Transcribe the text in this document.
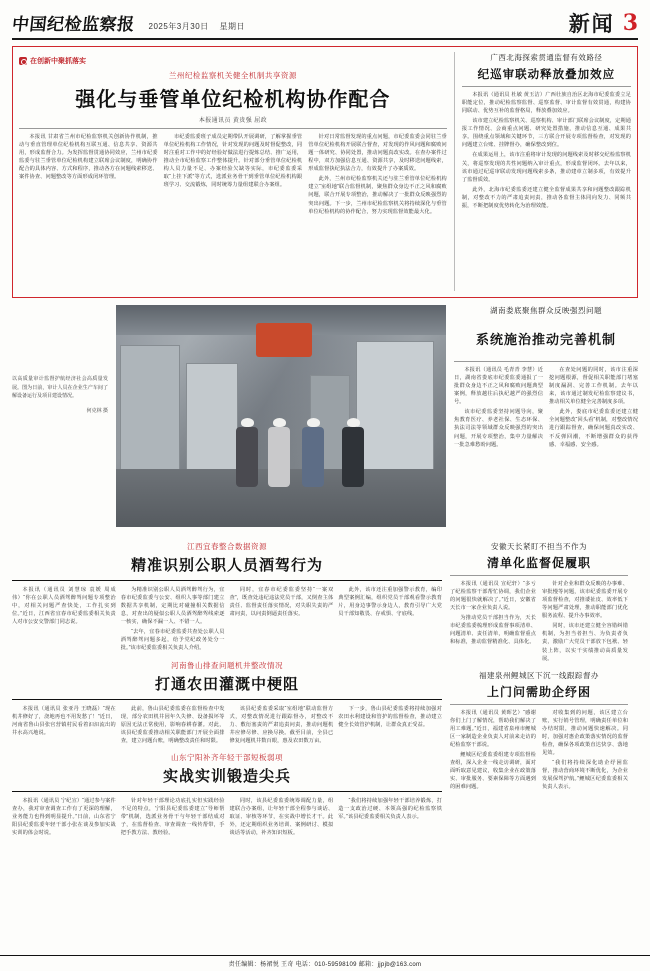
中国纪检监察报 2025年3月30日 星期日	新闻 3
在创新中聚抓落实
兰州纪检监察机关健全机制共享资源
强化与垂管单位纪检机构协作配合
本报通讯员 黄贵强 屈政

本报讯 甘肃省兰州市纪检监察机关创新协作机制，推动与垂直管理单位纪检机构互联互通、信息共享、资源共用，形成监督合力。为发挥监督贯通协同效应，兰州市纪委监委与驻兰垂管单位纪检机构建立联席会议制度，明确协作配合的具体内容、方式和程序，推动各方在问题线索移送、案件协查、问题整改等方面形成闭环管理。

市纪委监委班子成员定期带队开展调研，了解掌握垂管单位纪检机构工作情况，针对发现的问题及时督促整改，同时注重对工作中的好经验好做法进行提炼总结、推广运用，推动全市纪检监察工作整体提升。针对部分垂管单位纪检机构人员力量不足、办案经验欠缺等实际，市纪委监委采取“上挂下派”等方式，选派业务骨干到垂管单位纪检机构跟班学习、交流锻炼，同时统筹力量组建联合办案组。

针对日常监督发现的重点问题，市纪委监委会同驻兰垂管单位纪检机构开展联合督查，对发现的作风问题和腐败问题一体研究、协同处置，推动问题真改实改。在查办案件过程中，双方加强信息互通、资源共享，及时移送问题线索，形成监督执纪执法合力，有效提升了办案质效。

此外，兰州市纪检监察机关还与驻兰垂管单位纪检机构建立“室组地”联合监督机制，聚焦群众身边不正之风和腐败问题，联合开展专项整治，推动解决了一批群众反映强烈的突出问题。下一步，兰州市纪检监察机关将持续深化与垂管单位纪检机构的协作配合，努力实现监督效能最大化。

广西北海探索贯通监督有效路径
纪巡审联动释放叠加效应

本报讯（通讯员 杜敏 黄玉洁）广西壮族自治区北海市纪委监委立足职能定位，推动纪检监察监督、巡察监督、审计监督有效贯通，构建协同联动、优势互补的监督格局，释放叠加效应。

该市建立纪检监察机关、巡察机构、审计部门联席会议制度，定期通报工作情况、会商重点问题、研究处置措施，推动信息互通、成果共享。围绕重点领域和关键环节，三方联合开展专项监督检查，对发现的问题建立台账、挂牌督办，确保整改到位。

在成果运用上，该市注重将审计发现的问题线索及时移交纪检监察机关，将巡察发现的共性问题纳入审计重点，形成监督闭环。去年以来，该市通过纪巡审联动发现问题线索多条，推动建章立制多项，有效提升了监督质效。

此外，北海市纪委监委还建立健全监督成果共享和问题整改跟踪机制，对整改不力的严肃追责问责，推动各监督主体同向发力、同频共振，不断把制度优势转化为治理效能。

以高质量审计监督护航经济社会高质量发展。图为日前，审计人员在企业生产车间了解设备运行及项目建设情况。
何克林 摄
湖南娄底聚焦群众反映强烈问题
系统施治推动完善机制

本报讯（通讯员 毛青青 李慧）近日，湖南省娄底市纪委监委通报了一批群众身边不正之风和腐败问题典型案例，释放越往后执纪越严的强烈信号。

该市纪委监委坚持问题导向，聚焦教育医疗、养老社保、生态环保、执法司法等领域群众反映强烈的突出问题，开展专项整治，集中力量解决一批急难愁盼问题。

在查处问题的同时，该市注重深挖问题根源，督促相关职能部门堵塞制度漏洞、完善工作机制。去年以来，该市通过制发纪检监察建议书，推动相关单位健全完善制度多项。

此外，娄底市纪委监委还建立健全问题整改“回头看”机制，对整改情况进行跟踪督查，确保问题真改实改、不反弹回潮，不断增强群众的获得感、幸福感、安全感。

江西宜春整合数据资源
精准识别公职人员酒驾行为

本报讯（通讯员 刘慧琼 袁媛 周成伟）“你在公职人员酒驾醉驾问题专项整治中，对相关问题严查快处，工作扎实到位。”近日，江西省宜春市纪委监委相关负责人对市公安交警部门同志说。

为精准识别公职人员酒驾醉驾行为，宜春市纪委监委与公安、组织人事等部门建立数据共享机制，定期比对碰撞相关数据信息，对查出的疑似公职人员酒驾醉驾线索逐一核实，确保不漏一人、不错一人。

“去年，宜春市纪委监委共查处公职人员酒驾醉驾问题多起，给予党纪政务处分一批。”该市纪委监委相关负责人介绍。

同时，宜春市纪委监委坚持“一案双查”，既查处违纪违法党员干部，又倒查主体责任、监督责任落实情况，对失职失责的严肃问责，以问责倒逼责任落实。

此外，该市还注重加强警示教育，编印典型案例汇编，组织党员干部观看警示教育片，用身边事警示身边人，教育引导广大党员干部知敬畏、存戒惧、守底线。

河南鲁山排查问题机井整改情况
打通农田灌溉中梗阻

本报讯（通讯员 张亚丹 王晓磊）“现在机井修好了，浇地再也不用发愁了！”近日，河南省鲁山县张官营镇村民看着汩汩流出的井水高兴地说。

此前，鲁山县纪委监委在监督检查中发现，部分农田机井因年久失修、设备损坏等原因无法正常使用，影响春耕春灌。对此，该县纪委监委推动相关职能部门开展全面排查，建立问题台账，明确整改责任和时限。

该县纪委监委采取“室组地”联动监督方式，对整改情况进行跟踪督办，对整改不力、敷衍塞责的严肃追责问责，推动问题机井应修尽修、应换尽换。截至目前，全县已修复问题机井数百眼，惠及农田数万亩。

下一步，鲁山县纪委监委将持续加强对农田水利建设和管护的监督检查，推动建立健全长效管护机制，让群众真正受益。

山东宁阳补齐年轻干部短板弱项
实战实训锻造尖兵

本报讯（通讯员 宁纪宣）“通过参与案件查办，我对审查调查工作有了更深的理解，业务能力也得到明显提升。”日前，山东省宁阳县纪委监委年轻干部小张在谈及参加实战实训的体会时说。

针对年轻干部理论功底扎实但实践经验不足的特点，宁阳县纪委监委建立“导师帮带”机制，选派业务骨干与年轻干部结成对子，在监督检查、审查调查一线传帮带，手把手教方法、教经验。

同时，该县纪委监委统筹调配力量，组建联合办案组，让年轻干部全程参与谈话、取证、审核等环节，在实战中增长才干。此外，还定期组织业务培训、案例研讨、模拟谈话等活动，补齐知识短板。

“我们将持续加强年轻干部培养锻炼，打造一支政治过硬、本领高强的纪检监察铁军。”该县纪委监委相关负责人表示。

安徽天长紧盯不担当不作为
清单化监督促履职

本报讯（通讯员 宣纪轩）“多亏了纪检监察干部帮忙协调，我们企业的问题很快就解决了。”近日，安徽省天长市一家企业负责人说。

为推动党员干部担当作为，天长市纪委监委梳理形成监督事项清单、问题清单、责任清单，明确监督重点和标准，推动监督精准化、具体化。

针对企业和群众反映的办事难、审批慢等问题，该市纪委监委开展专项监督检查，对推诿扯皮、效率低下等问题严肃处理，推动职能部门优化服务流程、提升办事效率。

同时，该市还建立健全容错纠错机制，为担当者担当、为负责者负责，激励广大党员干部放下包袱、轻装上阵，以实干实绩推动高质量发展。

福建泉州鲤城区下沉一线跟踪督办
上门问需助企纾困

本报讯（通讯员 黄晖艺）“感谢你们上门了解情况，帮助我们解决了用工难题。”近日，福建省泉州市鲤城区一家制造企业负责人对前来走访的纪检监察干部说。

鲤城区纪委监委组建专项监督检查组，深入企业一线走访调研，面对面听取意见建议，收集企业在政策落实、审批服务、要素保障等方面遇到的困难问题。

对收集到的问题，该区建立台账，实行销号管理，明确责任单位和办结时限，推动问题快速解决。同时，加强对惠企政策落实情况的监督检查，确保各项政策直达快享、落地见效。

“我们将持续深化助企纾困监督，推动营商环境不断优化，为企业发展保驾护航。”鲤城区纪委监委相关负责人表示。

责任编辑：杨裙悦 王奇 电话：010-59598109 邮箱：jjpjb@163.com
